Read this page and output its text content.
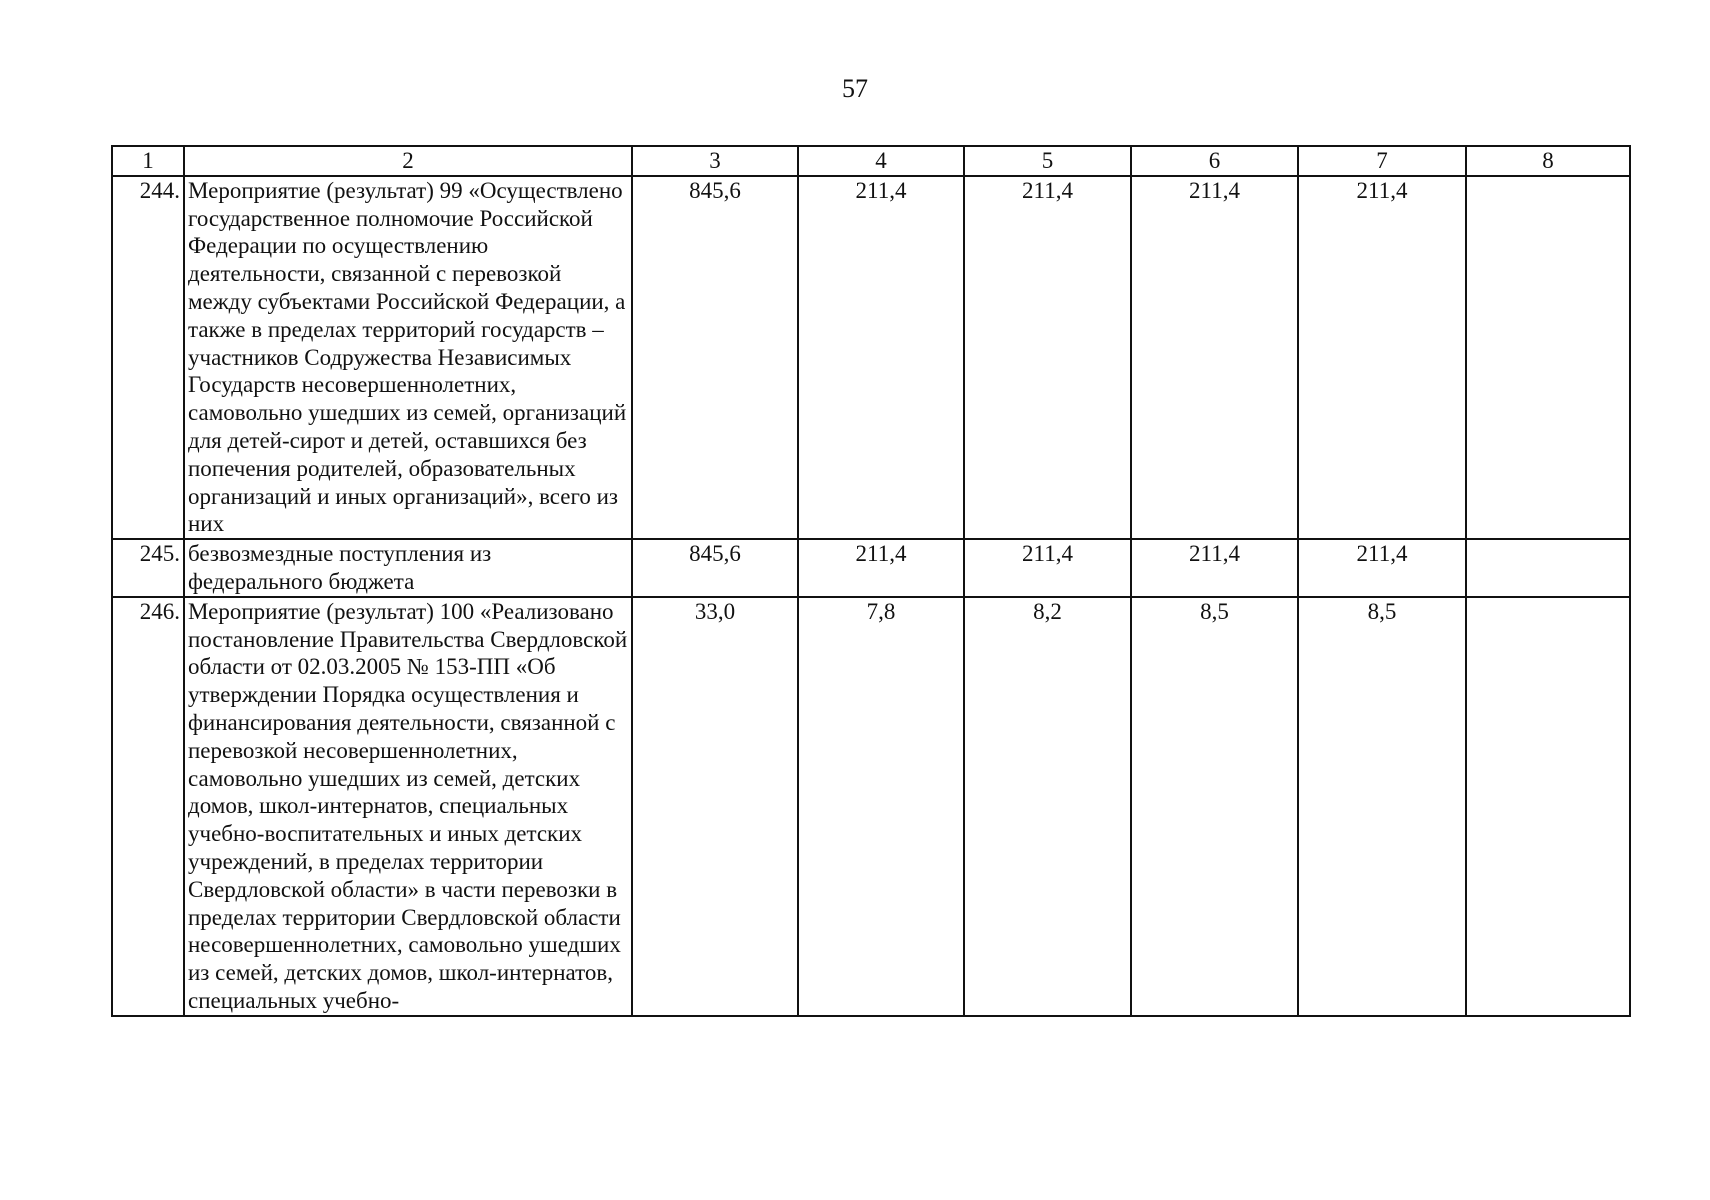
57
1	2	3	4	5	6	7	8
244.	Мероприятие (результат) 99 «Осуществлено государственное полномочие Российской Федерации по осуществлению деятельности, связанной с перевозкой между субъектами Российской Федерации, а также в пределах территорий государств – участников Содружества Независимых Государств несовершеннолетних, самовольно ушедших из семей, организаций для детей-сирот и детей, оставшихся без попечения родителей, образовательных организаций и иных организаций», всего из них	845,6	211,4	211,4	211,4	211,4	
245.	безвозмездные поступления из федерального бюджета	845,6	211,4	211,4	211,4	211,4	
246.	Мероприятие (результат) 100 «Реализовано постановление Правительства Свердловской области от 02.03.2005 № 153-ПП «Об утверждении Порядка осуществления и финансирования деятельности, связанной с перевозкой несовершеннолетних, самовольно ушедших из семей, детских домов, школ-интернатов, специальных учебно-воспитательных и иных детских учреждений, в пределах территории Свердловской области» в части перевозки в пределах территории Свердловской области несовершеннолетних, самовольно ушедших из семей, детских домов, школ-интернатов, специальных учебно-	33,0	7,8	8,2	8,5	8,5	
